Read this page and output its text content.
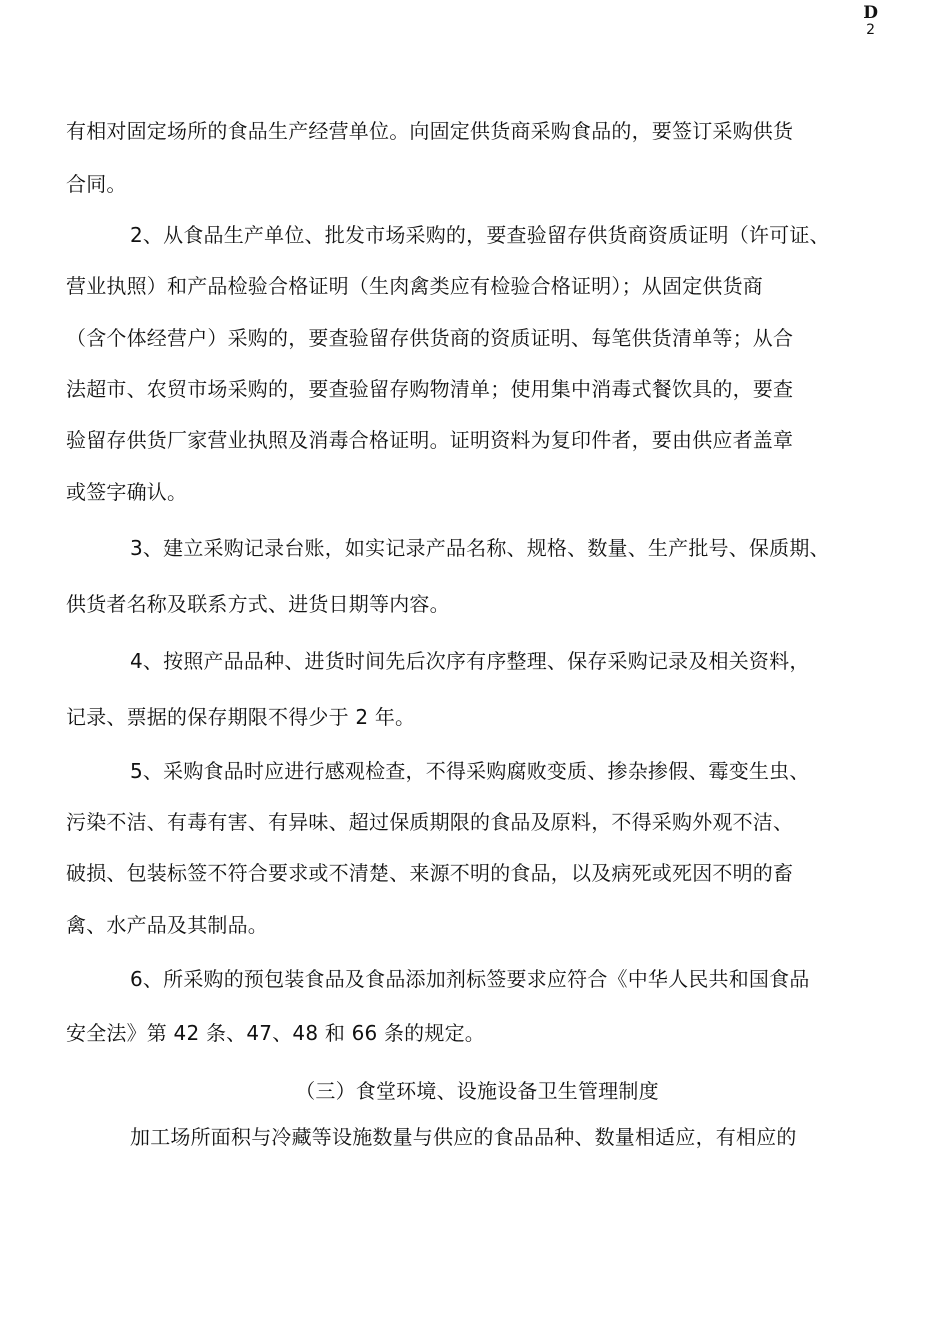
D
2
有相对固定场所的食品生产经营单位。向固定供货商采购食品的，要签订采购供货
合同。
2、从食品生产单位、批发市场采购的，要查验留存供货商资质证明（许可证、
营业执照）和产品检验合格证明（生肉禽类应有检验合格证明）；从固定供货商
（含个体经营户）采购的，要查验留存供货商的资质证明、每笔供货清单等；从合
法超市、农贸市场采购的，要查验留存购物清单；使用集中消毒式餐饮具的，要查
验留存供货厂家营业执照及消毒合格证明。证明资料为复印件者，要由供应者盖章
或签字确认。
3、建立采购记录台账，如实记录产品名称、规格、数量、生产批号、保质期、
供货者名称及联系方式、进货日期等内容。
4、按照产品品种、进货时间先后次序有序整理、保存采购记录及相关资料，
记录、票据的保存期限不得少于 2 年。
5、采购食品时应进行感观检查，不得采购腐败变质、掺杂掺假、霉变生虫、
污染不洁、有毒有害、有异味、超过保质期限的食品及原料，不得采购外观不洁、
破损、包装标签不符合要求或不清楚、来源不明的食品，以及病死或死因不明的畜
禽、水产品及其制品。
6、所采购的预包装食品及食品添加剂标签要求应符合《中华人民共和国食品
安全法》第 42 条、47、48 和 66 条的规定。
（三）食堂环境、设施设备卫生管理制度
加工场所面积与冷藏等设施数量与供应的食品品种、数量相适应，有相应的
